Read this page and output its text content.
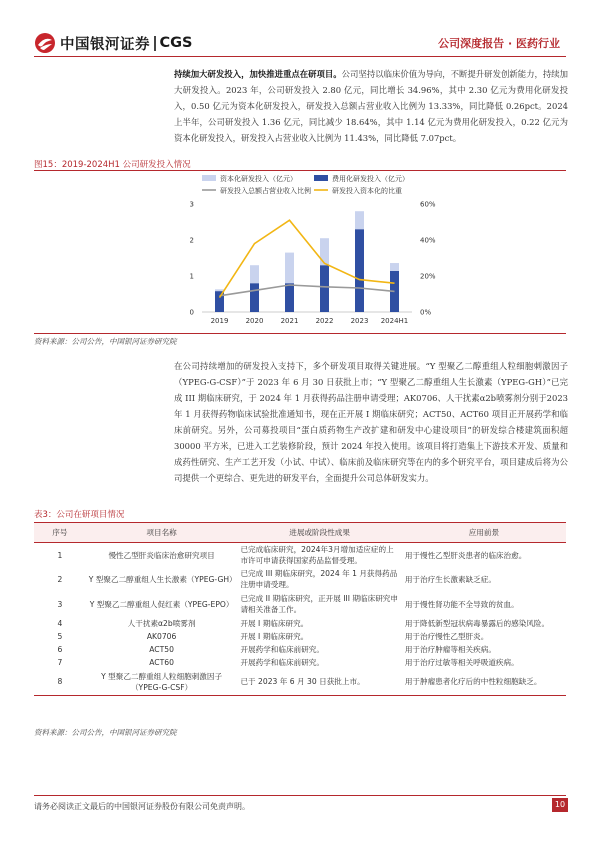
中国银河证券 CGS	公司深度报告 · 医药行业
持续加大研发投入，加快推进重点在研项目。公司坚持以临床价值为导向，不断提升研发创新能力，持续加大研发投入。2023 年，公司研发投入 2.80 亿元，同比增长 34.96%，其中 2.30 亿元为费用化研发投入，0.50 亿元为资本化研发投入，研发投入总额占营业收入比例为 13.33%，同比降低 0.26pct。2024 上半年，公司研发投入 1.36 亿元，同比减少 18.64%，其中 1.14 亿元为费用化研发投入，0.22 亿元为资本化研发投入，研发投入占营业收入比例为 11.43%，同比降低 7.07pct。
图15：2019-2024H1 公司研发投入情况
0
1
2
3
0%
20%
40%
60%
2019 2020 2021 2022 2023 2024H1
资本化研发投入（亿元）	费用化研发投入（亿元）
研发投入总额占营业收入比例	研发投入资本化的比重
资料来源：公司公告，中国银河证券研究院
在公司持续增加的研发投入支持下，多个研发项目取得关键进展。“Y 型聚乙二醇重组人粒细胞刺激因子（YPEG-G-CSF）”于 2023 年 6 月 30 日获批上市；“Y 型聚乙二醇重组人生长激素（YPEG-GH）”已完成 III 期临床研究，于 2024 年 1 月获得药品注册申请受理；AK0706、人干扰素α2b喷雾剂分别于2023 年 1 月获得药物临床试验批准通知书，现在正开展 I 期临床研究；ACT50、ACT60 项目正开展药学和临床前研究。另外，公司募投项目“蛋白质药物生产改扩建和研发中心建设项目”的研发综合楼建筑面积超 30000 平方米，已进入工艺装修阶段，预计 2024 年投入使用。该项目将打造集上下游技术开发、质量和成药性研究、生产工艺开发（小试、中试）、临床前及临床研究等在内的多个研究平台，项目建成后将为公司提供一个更综合、更先进的研发平台，全面提升公司总体研发实力。
表3：公司在研项目情况
序号	项目名称	进展或阶段性成果	应用前景
1	慢性乙型肝炎临床治愈研究项目	已完成临床研究，2024年3月增加适应症的上市许可申请获得国家药品监督受理。	用于慢性乙型肝炎患者的临床治愈。
2	Y 型聚乙二醇重组人生长激素（YPEG-GH）	已完成 III 期临床研究，2024 年 1 月获得药品注册申请受理。	用于治疗生长激素缺乏症。
3	Y 型聚乙二醇重组人促红素（YPEG-EPO）	已完成 II 期临床研究，正开展 III 期临床研究申请相关准备工作。	用于慢性肾功能不全导致的贫血。
4	人干扰素α2b喷雾剂	开展 I 期临床研究。	用于降低新型冠状病毒暴露后的感染风险。
5	AK0706	开展 I 期临床研究。	用于治疗慢性乙型肝炎。
6	ACT50	开展药学和临床前研究。	用于治疗肿瘤等相关疾病。
7	ACT60	开展药学和临床前研究。	用于治疗过敏等相关呼吸道疾病。
8	Y 型聚乙二醇重组人粒细胞刺激因子（YPEG-G-CSF）	已于 2023 年 6 月 30 日获批上市。	用于肿瘤患者化疗后的中性粒细胞缺乏。
资料来源：公司公告，中国银河证券研究院
请务必阅读正文最后的中国银河证券股份有限公司免责声明。	10
